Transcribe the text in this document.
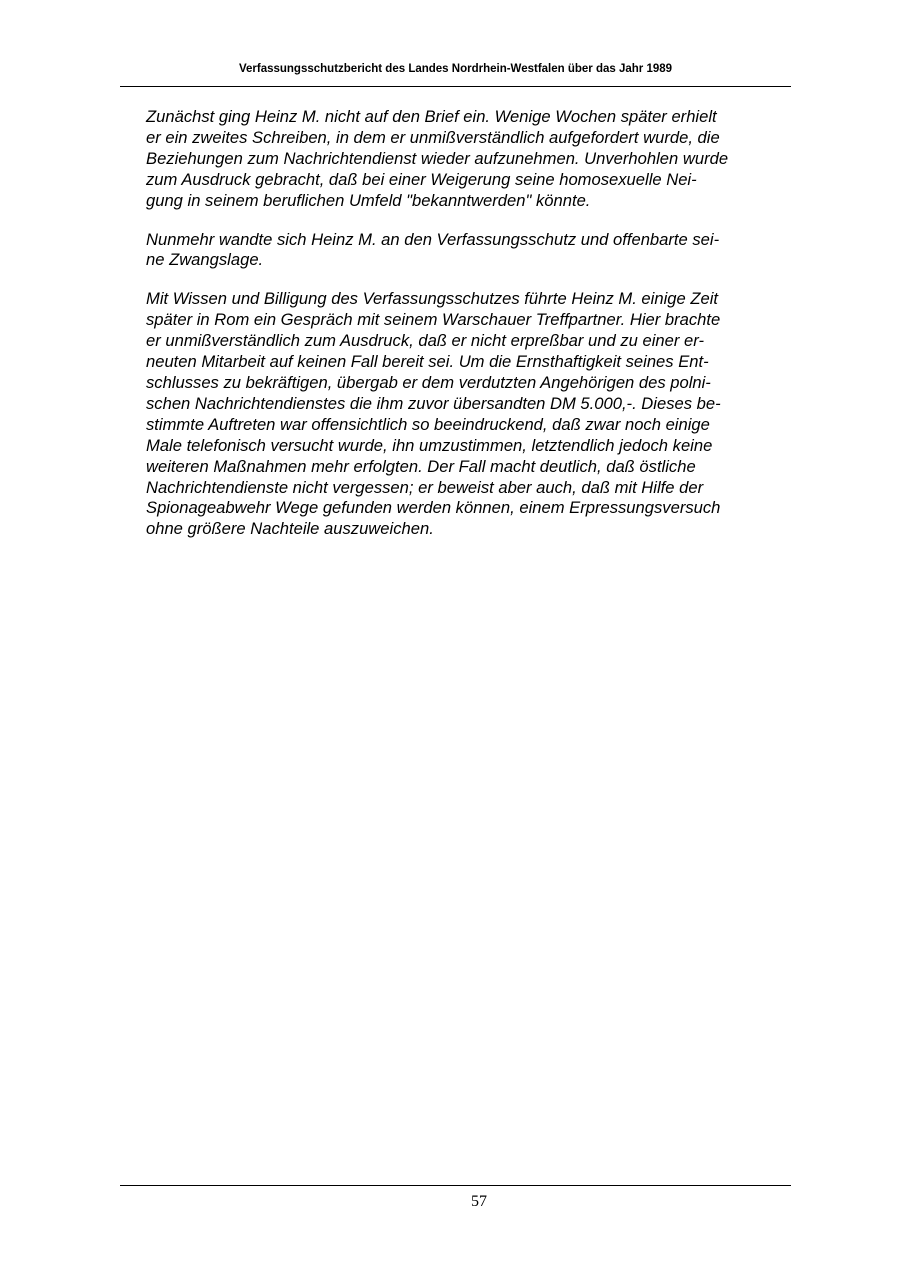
Verfassungsschutzbericht des Landes Nordrhein-Westfalen über das Jahr 1989

Zunächst ging Heinz M. nicht auf den Brief ein. Wenige Wochen später erhielt
er ein zweites Schreiben, in dem er unmißverständlich aufgefordert wurde, die
Beziehungen zum Nachrichtendienst wieder aufzunehmen. Unverhohlen wurde
zum Ausdruck gebracht, daß bei einer Weigerung seine homosexuelle Nei-
gung in seinem beruflichen Umfeld "bekanntwerden" könnte.

Nunmehr wandte sich Heinz M. an den Verfassungsschutz und offenbarte sei-
ne Zwangslage.

Mit Wissen und Billigung des Verfassungsschutzes führte Heinz M. einige Zeit
später in Rom ein Gespräch mit seinem Warschauer Treffpartner. Hier brachte
er unmißverständlich zum Ausdruck, daß er nicht erpreßbar und zu einer er-
neuten Mitarbeit auf keinen Fall bereit sei. Um die Ernsthaftigkeit seines Ent-
schlusses zu bekräftigen, übergab er dem verdutzten Angehörigen des polni-
schen Nachrichtendienstes die ihm zuvor übersandten DM 5.000,-. Dieses be-
stimmte Auftreten war offensichtlich so beeindruckend, daß zwar noch einige
Male telefonisch versucht wurde, ihn umzustimmen, letztendlich jedoch keine
weiteren Maßnahmen mehr erfolgten. Der Fall macht deutlich, daß östliche
Nachrichtendienste nicht vergessen; er beweist aber auch, daß mit Hilfe der
Spionageabwehr Wege gefunden werden können, einem Erpressungsversuch
ohne größere Nachteile auszuweichen.

57
